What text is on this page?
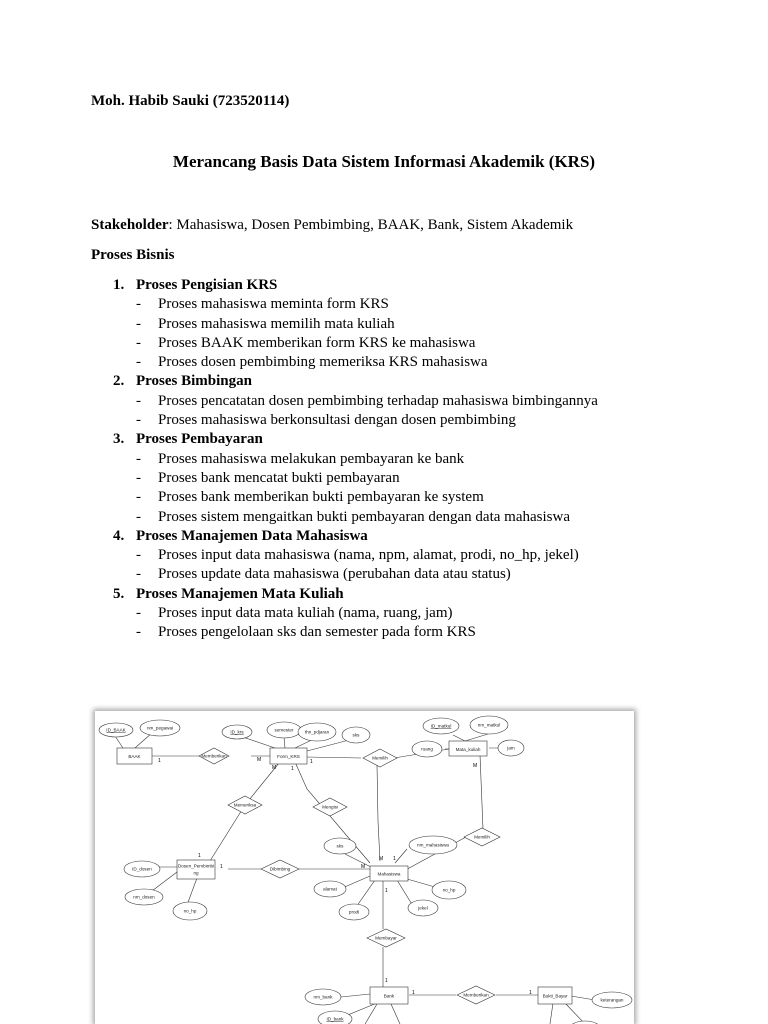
Moh. Habib Sauki (723520114)
Merancang Basis Data Sistem Informasi Akademik (KRS)
Stakeholder: Mahasiswa, Dosen Pembimbing, BAAK, Bank, Sistem Akademik
Proses Bisnis
1. Proses Pengisian KRS
- Proses mahasiswa meminta form KRS
- Proses mahasiswa memilih mata kuliah
- Proses BAAK memberikan form KRS ke mahasiswa
- Proses dosen pembimbing memeriksa KRS mahasiswa
2. Proses Bimbingan
- Proses pencatatan dosen pembimbing terhadap mahasiswa bimbingannya
- Proses mahasiswa berkonsultasi dengan dosen pembimbing
3. Proses Pembayaran
- Proses mahasiswa melakukan pembayaran ke bank
- Proses bank mencatat bukti pembayaran
- Proses bank memberikan bukti pembayaran ke system
- Proses sistem mengaitkan bukti pembayaran dengan data mahasiswa
4. Proses Manajemen Data Mahasiswa
- Proses input data mahasiswa (nama, npm, alamat, prodi, no_hp, jekel)
- Proses update data mahasiswa (perubahan data atau status)
5. Proses Manajemen Mata Kuliah
- Proses input data mata kuliah (nama, ruang, jam)
- Proses pengelolaan sks dan semester pada form KRS
BAAK	Form_KRS
Mata_kuliah
Dosen_Pembimbi
ng	Mahasiswa
Bank	Bukti_Bayar
Memberikan	Memilih
Memeriksa	Mengisi
Memilih
Dibimbing
Membayar
Memberikan
ID_BAAK	nm_pegawai
ID_krs	semester thn_pdjaran
sks
ID_matkul	nm_matkul
ruang	jam
sks	nm_mahasiswa
alamat	no_hp
jekel
prodi
ID_dosen
nm_dosen
no_hp
nm_bank
ID_bank
keterangan
1	M	1
M	1	M
1
1	M
M 1
1
1
1	1
